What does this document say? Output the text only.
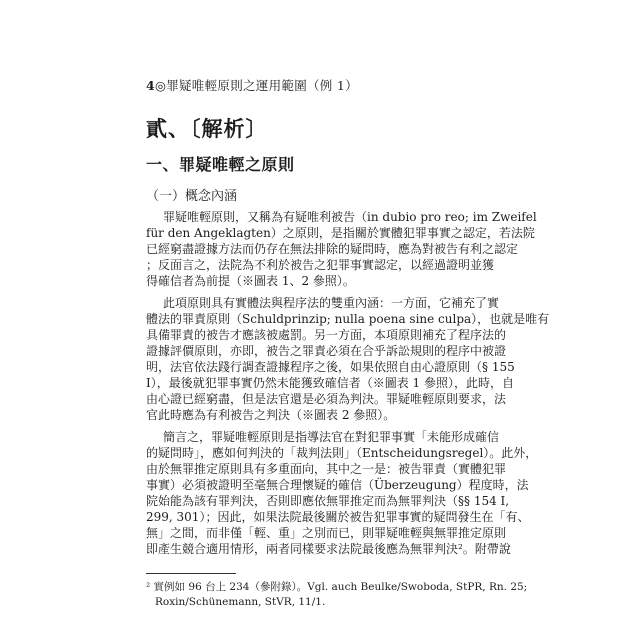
4◎罪疑唯輕原則之運用範圍（例 1）
貳、〔解析〕
一、罪疑唯輕之原則
（一）概念內涵
罪疑唯輕原則，又稱為有疑唯利被告（in dubio pro reo; im Zweifel
für den Angeklagten）之原則，是指關於實體犯罪事實之認定，若法院
已經窮盡證據方法而仍存在無法排除的疑問時，應為對被告有利之認定
；反面言之，法院為不利於被告之犯罪事實認定，以經過證明並獲
得確信者為前提（※圖表 1、2 參照）。
此項原則具有實體法與程序法的雙重內涵：一方面，它補充了實
體法的罪責原則（Schuldprinzip; nulla poena sine culpa），也就是唯有
具備罪責的被告才應該被處罰。另一方面，本項原則補充了程序法的
證據評價原則，亦即，被告之罪責必須在合乎訴訟規則的程序中被證
明，法官依法踐行調查證據程序之後，如果依照自由心證原則（§ 155
I），最後就犯罪事實仍然未能獲致確信者（※圖表 1 參照），此時，自
由心證已經窮盡，但是法官還是必須為判決。罪疑唯輕原則要求，法
官此時應為有利被告之判決（※圖表 2 參照）。
簡言之，罪疑唯輕原則是指導法官在對犯罪事實「未能形成確信
的疑問時」，應如何判決的「裁判法則」（Entscheidungsregel）。此外，
由於無罪推定原則具有多重面向，其中之一是：被告罪責（實體犯罪
事實）必須被證明至毫無合理懷疑的確信（Überzeugung）程度時，法
院始能為該有罪判決，否則即應依無罪推定而為無罪判決（§§ 154 I,
299, 301）；因此，如果法院最後關於被告犯罪事實的疑問發生在「有、
無」之間，而非僅「輕、重」之別而已，則罪疑唯輕與無罪推定原則
即產生競合適用情形，兩者同樣要求法院最後應為無罪判決²。附帶說
² 實例如 96 台上 234（參附錄）。Vgl. auch Beulke/Swoboda, StPR, Rn. 25;
Roxin/Schünemann, StVR, 11/1.
